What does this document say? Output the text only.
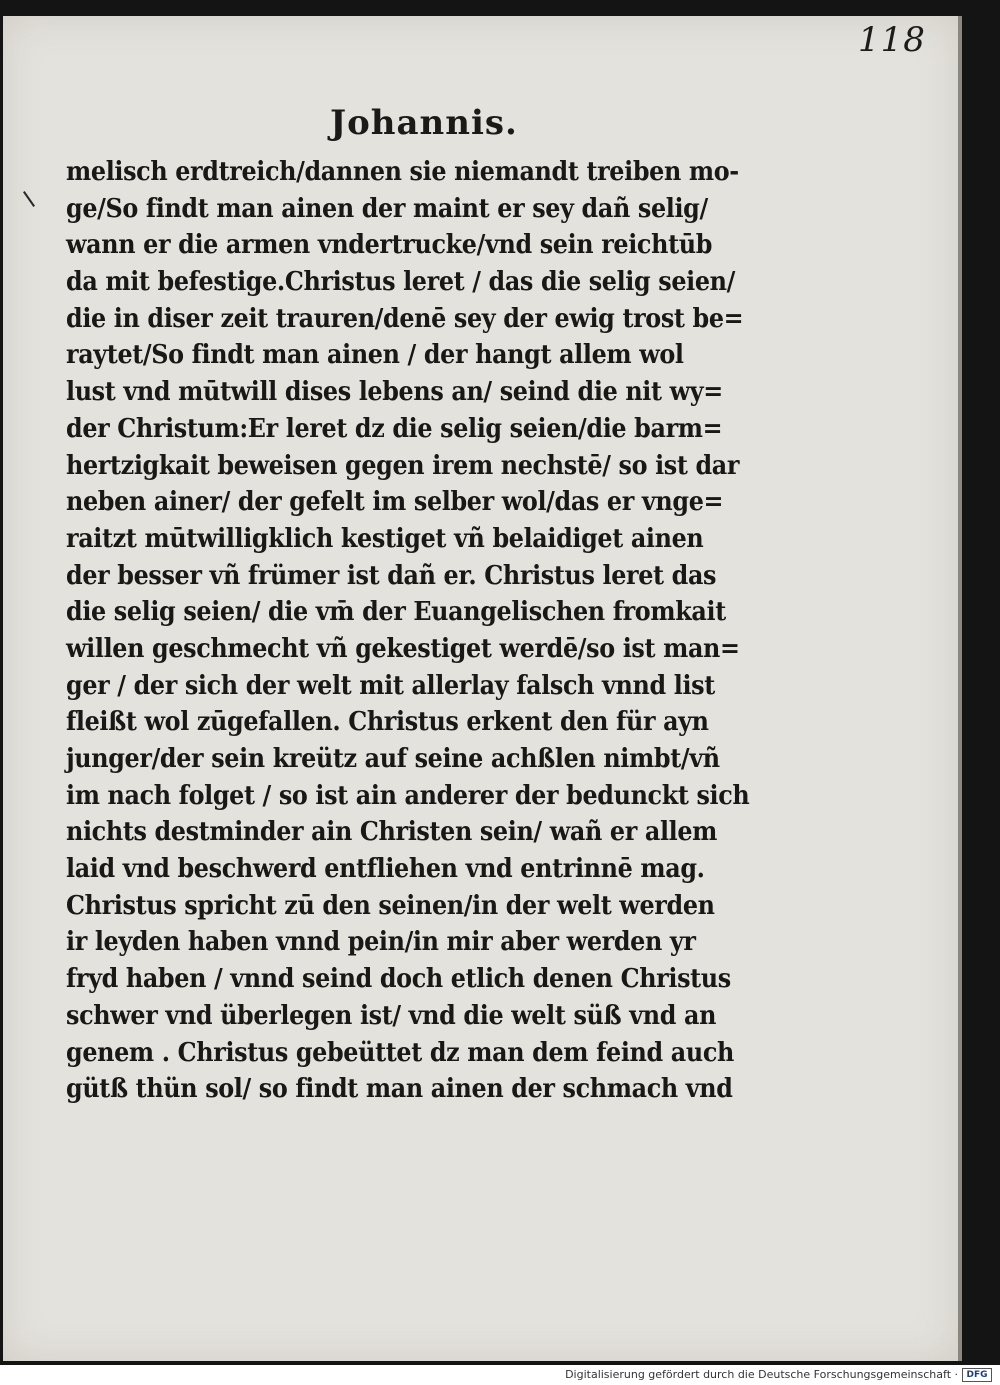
118
Johannis.
melisch erdtreich/dannen sie niemandt treiben mo-
ge/So findt man ainen der maint er sey dañ selig/
wann er die armen vndertrucke/vnd sein reichtūb
da mit befestige.Christus leret / das die selig seien/
die in diser zeit trauren/denē sey der ewig trost be=
raytet/So findt man ainen / der hangt allem wol
lust vnd mūtwill dises lebens an/ seind die nit wy=
der Christum:Er leret dz die selig seien/die barm=
hertzigkait beweisen gegen irem nechstē/ so ist dar
neben ainer/ der gefelt im selber wol/das er vnge=
raitzt mūtwilligklich kestiget vñ belaidiget ainen
der besser vñ frümer ist dañ er. Christus leret das
die selig seien/ die vm̄ der Euangelischen fromkait
willen geschmecht vñ gekestiget werdē/so ist man=
ger / der sich der welt mit allerlay falsch vnnd list
fleißt wol zūgefallen. Christus erkent den für ayn
junger/der sein kreütz auf seine achßlen nimbt/vñ
im nach folget / so ist ain anderer der bedunckt sich
nichts destminder ain Christen sein/ wañ er allem
laid vnd beschwerd entfliehen vnd entrinnē mag.
Christus spricht zū den seinen/in der welt werden
ir leyden haben vnnd pein/in mir aber werden yr
fryd haben / vnnd seind doch etlich denen Christus
schwer vnd überlegen ist/ vnd die welt süß vnd an
genem . Christus gebeüttet dz man dem feind auch
gütß thün sol/ so findt man ainen der schmach vnd
Digitalisierung gefördert durch die Deutsche Forschungsgemeinschaft · DFG
